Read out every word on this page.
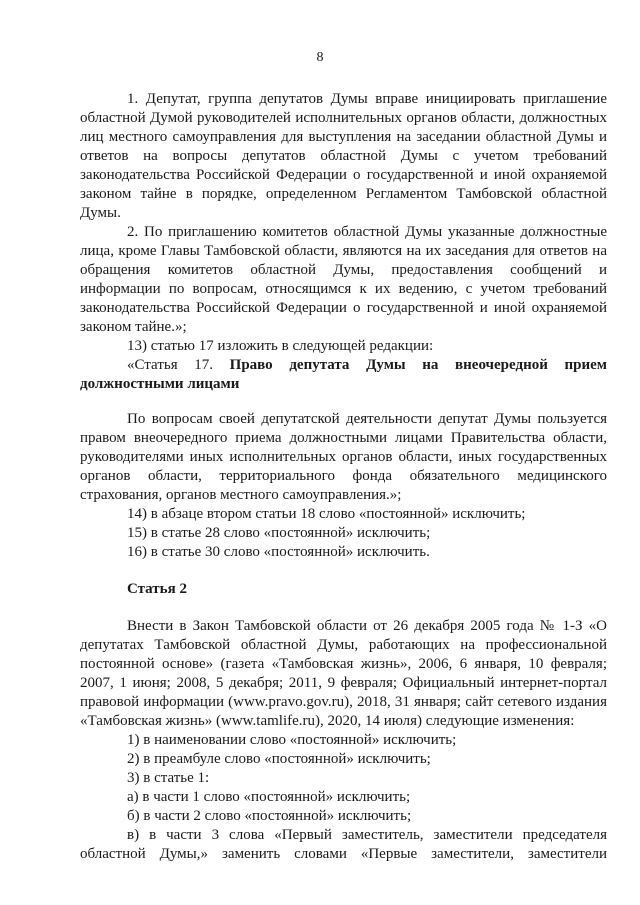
8

1. Депутат, группа депутатов Думы вправе инициировать приглашение областной Думой руководителей исполнительных органов области, должностных лиц местного самоуправления для выступления на заседании областной Думы и ответов на вопросы депутатов областной Думы с учетом требований законодательства Российской Федерации о государственной и иной охраняемой законом тайне в порядке, определенном Регламентом Тамбовской областной Думы.

2. По приглашению комитетов областной Думы указанные должностные лица, кроме Главы Тамбовской области, являются на их заседания для ответов на обращения комитетов областной Думы, предоставления сообщений и информации по вопросам, относящимся к их ведению, с учетом требований законодательства Российской Федерации о государственной и иной охраняемой законом тайне.»;

13) статью 17 изложить в следующей редакции:

«Статья 17. Право депутата Думы на внеочередной прием должностными лицами

По вопросам своей депутатской деятельности депутат Думы пользуется правом внеочередного приема должностными лицами Правительства области, руководителями иных исполнительных органов области, иных государственных органов области, территориального фонда обязательного медицинского страхования, органов местного самоуправления.»;

14) в абзаце втором статьи 18 слово «постоянной» исключить;

15) в статье 28 слово «постоянной» исключить;

16) в статье 30 слово «постоянной» исключить.

Статья 2

Внести в Закон Тамбовской области от 26 декабря 2005 года № 1-З «О депутатах Тамбовской областной Думы, работающих на профессиональной постоянной основе» (газета «Тамбовская жизнь», 2006, 6 января, 10 февраля; 2007, 1 июня; 2008, 5 декабря; 2011, 9 февраля; Официальный интернет-портал правовой информации (www.pravo.gov.ru), 2018, 31 января; сайт сетевого издания «Тамбовская жизнь» (www.tamlife.ru), 2020, 14 июля) следующие изменения:

1) в наименовании слово «постоянной» исключить;

2) в преамбуле слово «постоянной» исключить;

3) в статье 1:

а) в части 1 слово «постоянной» исключить;

б) в части 2 слово «постоянной» исключить;

в) в части 3 слова «Первый заместитель, заместители председателя областной Думы,» заменить словами «Первые заместители, заместители
